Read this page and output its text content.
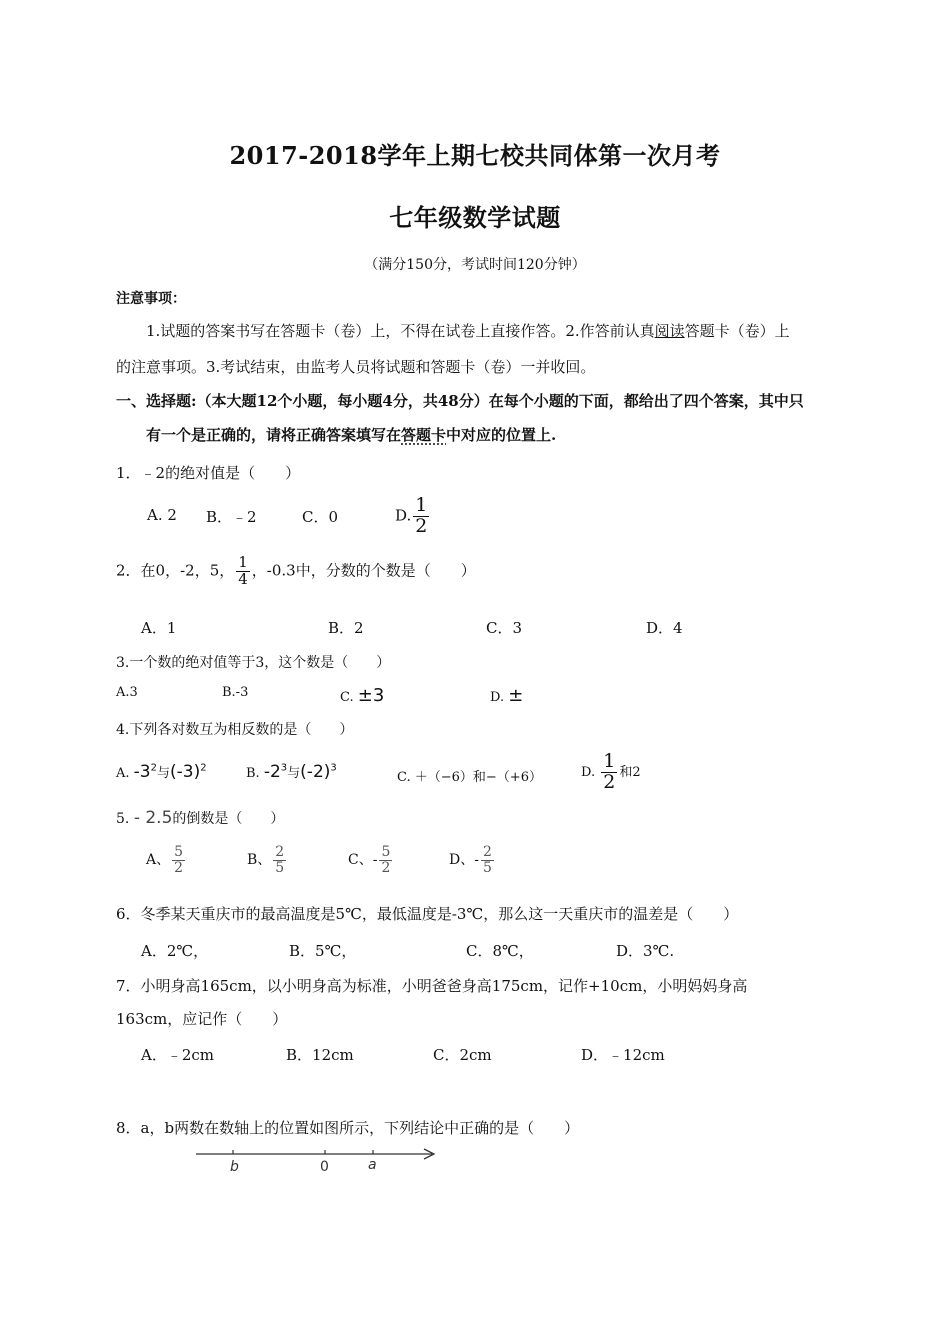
2017-2018学年上期七校共同体第一次月考
七年级数学试题
（满分150分，考试时间120分钟）
注意事项：
1.试题的答案书写在答题卡（卷）上，不得在试卷上直接作答。2.作答前认真阅读答题卡（卷）上
的注意事项。3.考试结束，由监考人员将试题和答题卡（卷）一并收回。
一、选择题:（本大题12个小题，每小题4分，共48分）在每个小题的下面，都给出了四个答案，其中只
有一个是正确的，请将正确答案填写在答题卡中对应的位置上.
1．﹣2的绝对值是（　　）
A. 2 B．﹣2	C．0	D. $\frac{1}{2}$
2．在0，-2，5， $\frac{1}{4}$ ，-0.3中，分数的个数是（　　）
A．1	B．2	C．3	D．4
3.一个数的绝对值等于3，这个数是（　　）
A.3	B.-3	C. ±3	D. ±
4.下列各对数互为相反数的是（　　）
A. $-3^2$与$(-3)^2$	B. $-2^3$与$(-2)^3$
C. ＋（−6）和−（+6）	D. $\frac{1}{2}$ 和2
5. - 2.5的倒数是（　　）
A、 $\frac{5}{2}$	B、 $\frac{2}{5}$	C、- $\frac{5}{2}$	D、- $\frac{2}{5}$
6．冬季某天重庆市的最高温度是5℃，最低温度是-3℃，那么这一天重庆市的温差是（　　）
A．2℃，	B．5℃，	C．8℃，	D．3℃.
7．小明身高165cm，以小明身高为标准，小明爸爸身高175cm，记作+10cm，小明妈妈身高
163cm，应记作（　　）
A．﹣2cm	B．12cm	C．2cm	D．﹣12cm
8．a，b两数在数轴上的位置如图所示，下列结论中正确的是（　　）
b	0	a
